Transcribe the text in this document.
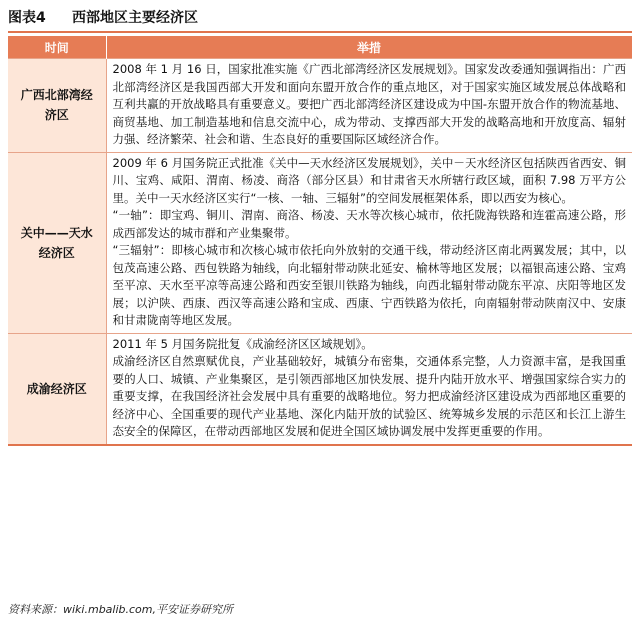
图表4	西部地区主要经济区
时间	举措
广西北部湾经济区	2008 年 1 月 16 日，国家批准实施《广西北部湾经济区发展规划》。国家发改委通知强调指出：广西北部湾经济区是我国西部大开发和面向东盟开放合作的重点地区，对于国家实施区域发展总体战略和互利共赢的开放战略具有重要意义。要把广西北部湾经济区建设成为中国-东盟开放合作的物流基地、商贸基地、加工制造基地和信息交流中心，成为带动、支撑西部大开发的战略高地和开放度高、辐射力强、经济繁荣、社会和谐、生态良好的重要国际区域经济合作。

关中——天水经济区	2009 年 6 月国务院正式批准《关中—天水经济区发展规划》，关中－天水经济区包括陕西省西安、铜川、宝鸡、咸阳、渭南、杨凌、商洛（部分区县）和甘肃省天水所辖行政区域，面积 7.98 万平方公里。关中一天水经济区实行“一核、一轴、三辐射”的空间发展框架体系，即以西安为核心。

“一轴”：即宝鸡、铜川、渭南、商洛、杨凌、天水等次核心城市，依托陇海铁路和连霍高速公路，形成西部发达的城市群和产业集聚带。

“三辐射”：即核心城市和次核心城市依托向外放射的交通干线，带动经济区南北两翼发展；其中，以包茂高速公路、西包铁路为轴线，向北辐射带动陕北延安、榆林等地区发展；以福银高速公路、宝鸡至平凉、天水至平凉等高速公路和西安至银川铁路为轴线，向西北辐射带动陇东平凉、庆阳等地区发展；以沪陕、西康、西汉等高速公路和宝成、西康、宁西铁路为依托，向南辐射带动陕南汉中、安康和甘肃陇南等地区发展。

成渝经济区	2011 年 5 月国务院批复《成渝经济区区域规划》。

成渝经济区自然禀赋优良，产业基础较好，城镇分布密集，交通体系完整，人力资源丰富，是我国重要的人口、城镇、产业集聚区，是引领西部地区加快发展、提升内陆开放水平、增强国家综合实力的重要支撑，在我国经济社会发展中具有重要的战略地位。努力把成渝经济区建设成为西部地区重要的经济中心、全国重要的现代产业基地、深化内陆开放的试验区、统筹城乡发展的示范区和长江上游生态安全的保障区，在带动西部地区发展和促进全国区域协调发展中发挥更重要的作用。

资料来源：wiki.mbalib.com,平安证券研究所
